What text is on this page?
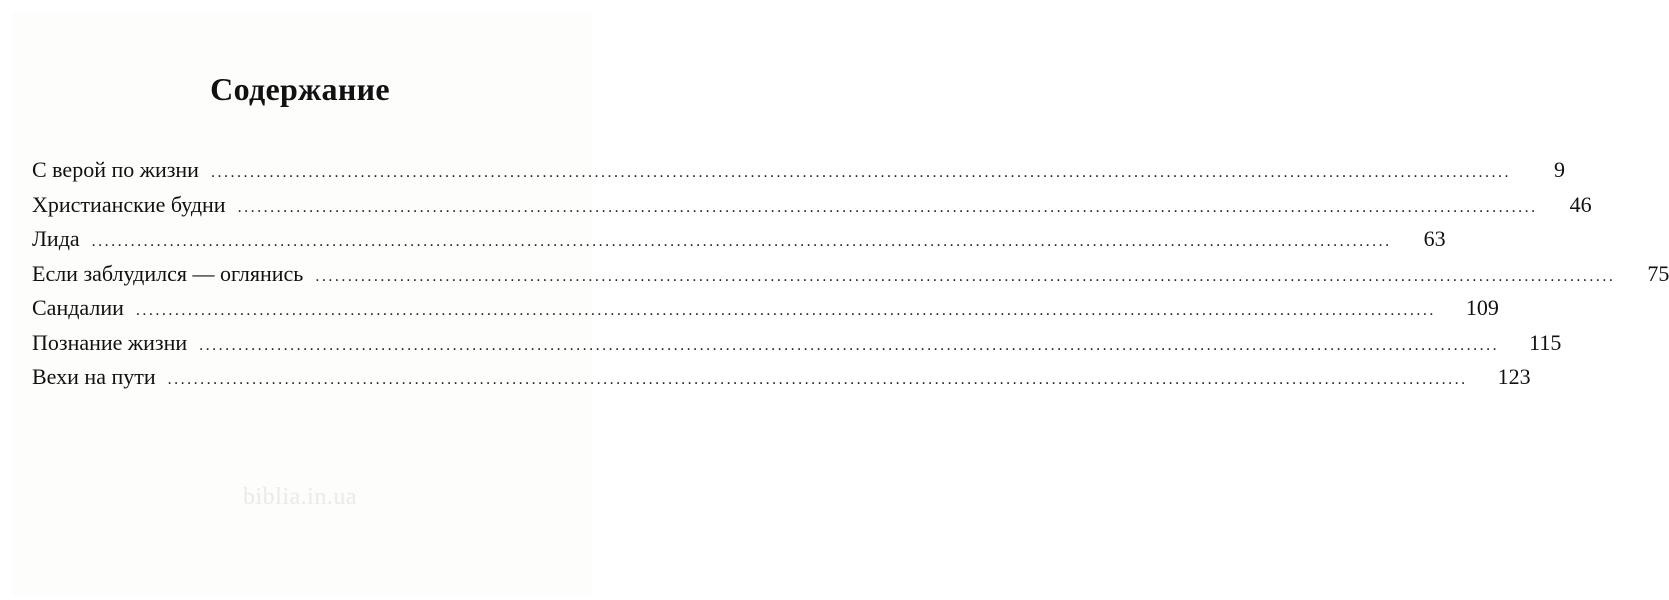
Содержание
С верой по жизни ........................................................................................................................................................................................................	9
Христианские будни ........................................................................................................................................................................................................ 46
Лида ........................................................................................................................................................................................................ 63
Если заблудился — оглянись ........................................................................................................................................................................................................ 75
Сандалии ........................................................................................................................................................................................................ 109
Познание жизни ........................................................................................................................................................................................................ 115
Вехи на пути ........................................................................................................................................................................................................ 123
biblia.in.ua
